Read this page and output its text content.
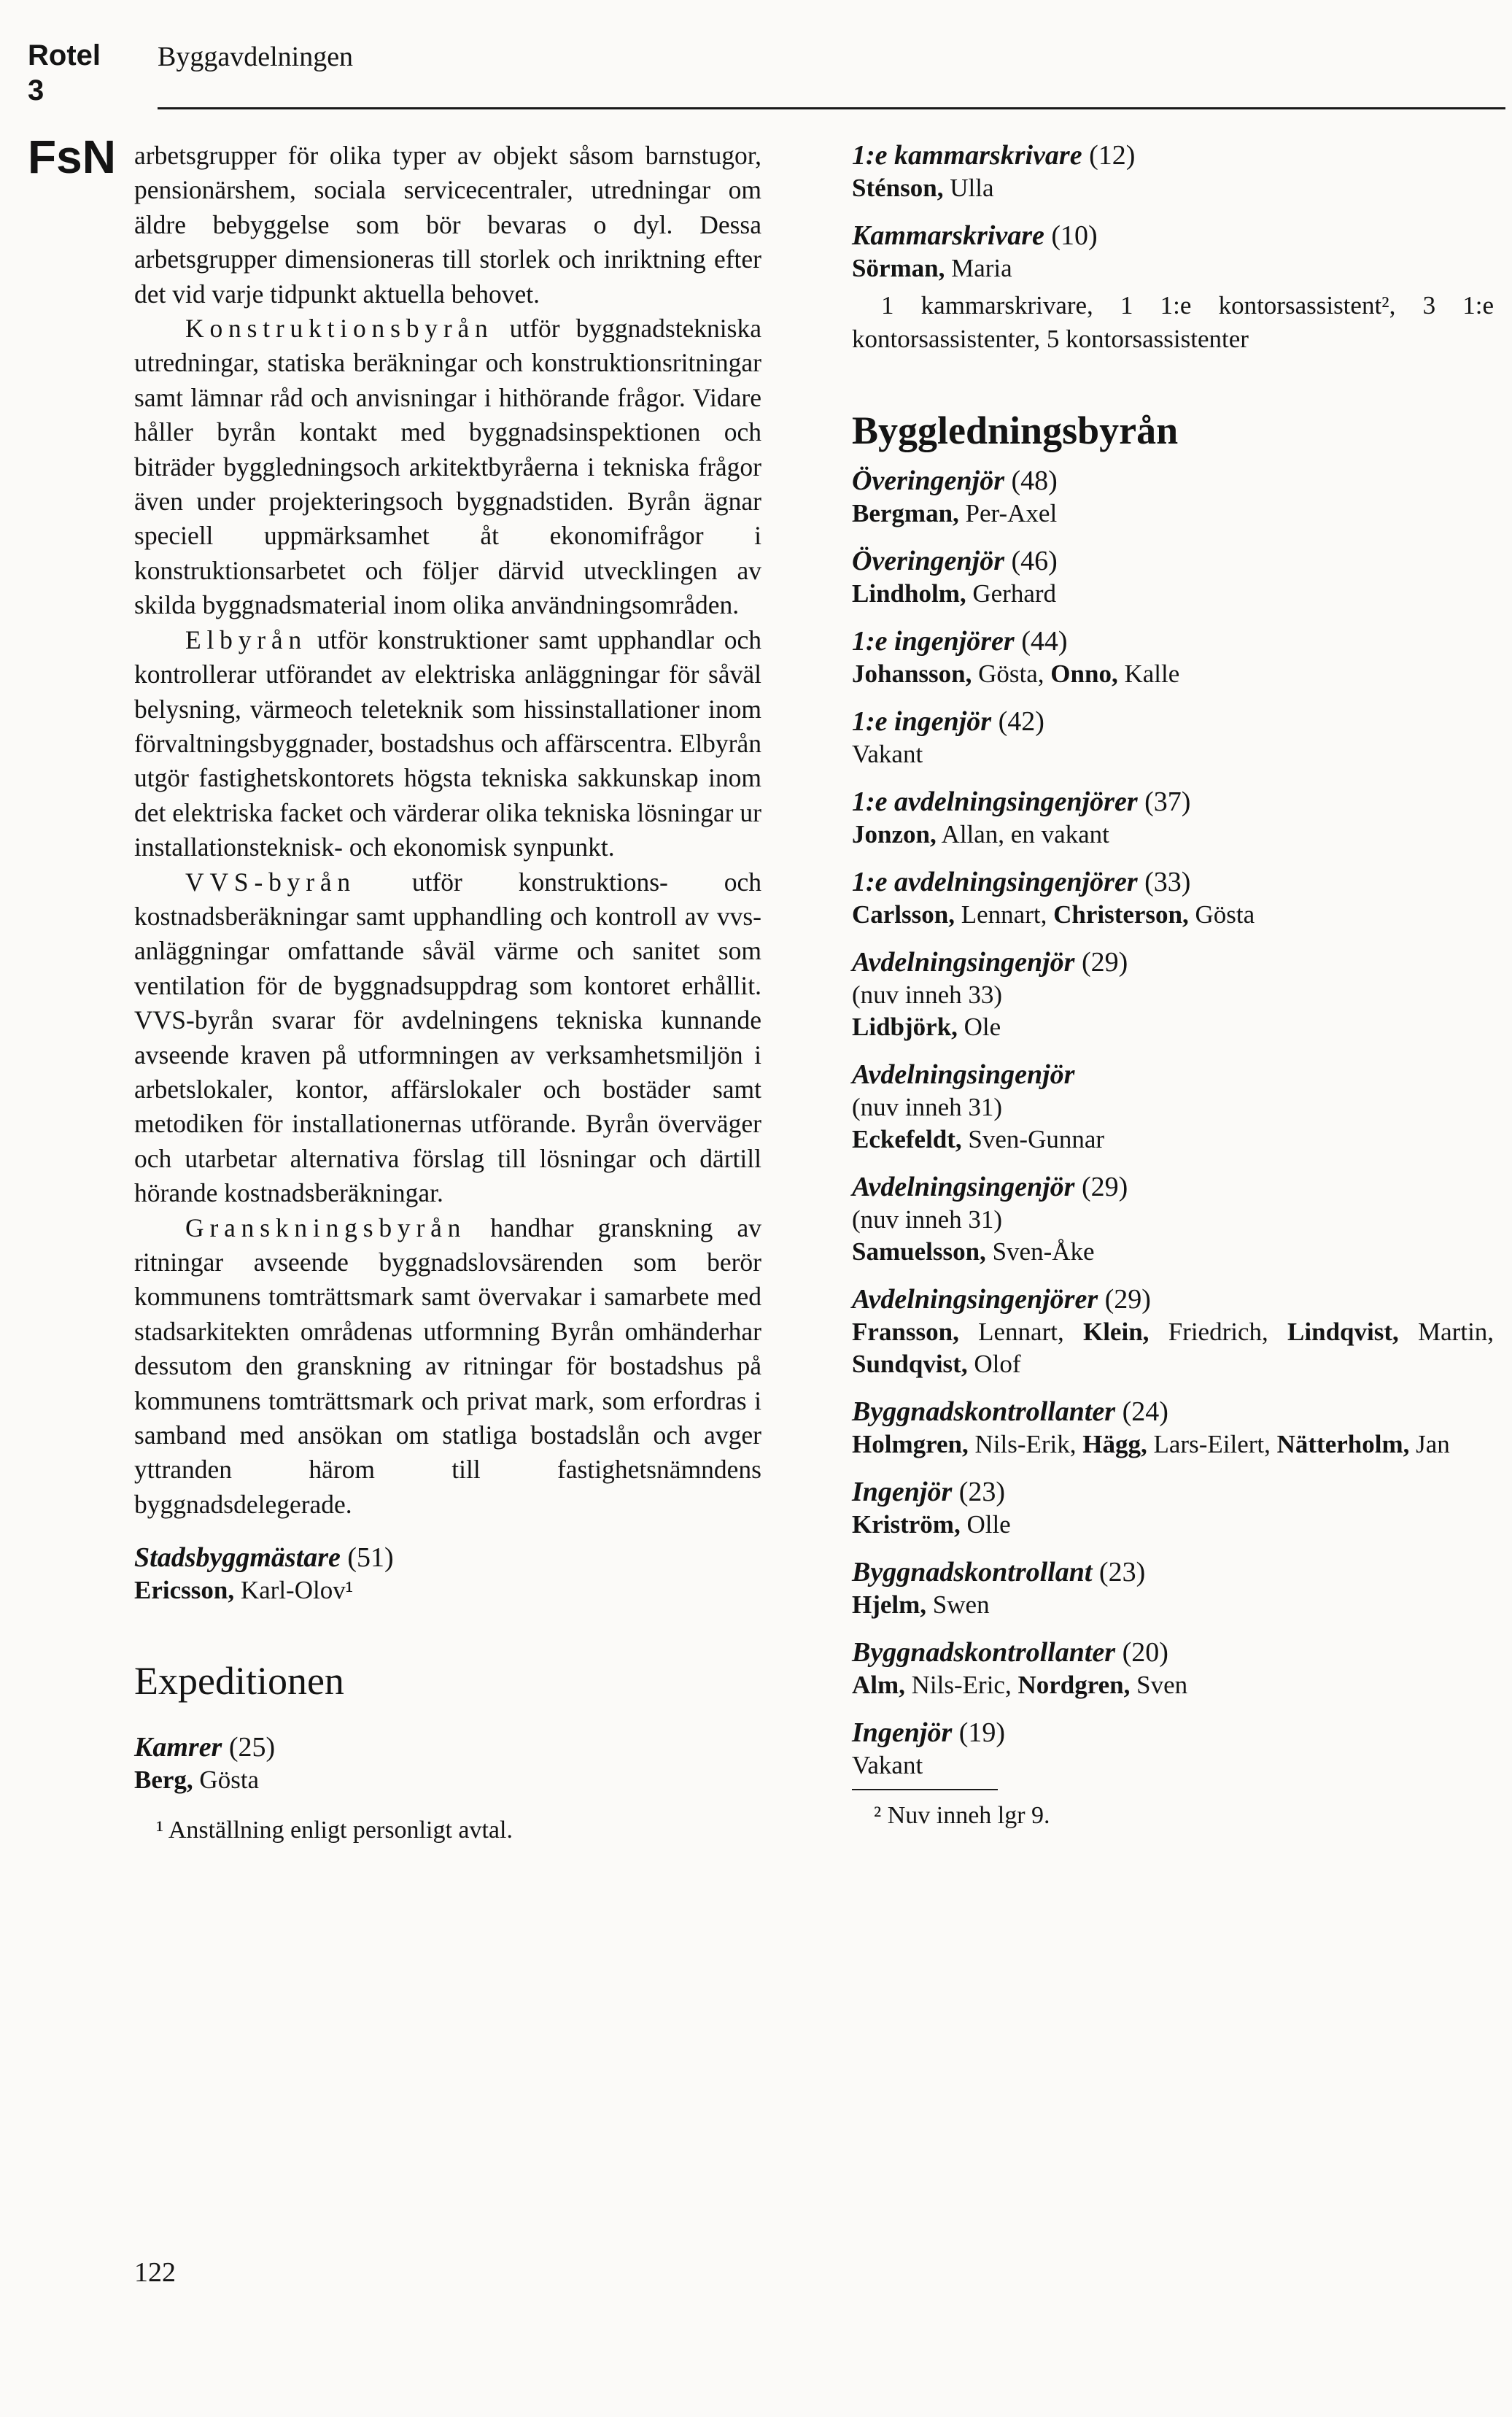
Rotel
3
FsN
Byggavdelningen

arbetsgrupper för olika typer av objekt såsom barnstugor, pensionärshem, sociala servicecentraler, utredningar om äldre bebyggelse som bör bevaras o dyl. Dessa arbetsgrupper dimensioneras till storlek och inriktning efter det vid varje tidpunkt aktuella behovet.

Konstruktionsbyrån utför byggnadstekniska utredningar, statiska beräkningar och konstruktionsritningar samt lämnar råd och anvisningar i hithörande frågor. Vidare håller byrån kontakt med byggnadsinspektionen och biträder byggledningsoch arkitektbyråerna i tekniska frågor även under projekteringsoch byggnadstiden. Byrån ägnar speciell uppmärksamhet åt ekonomifrågor i konstruktionsarbetet och följer därvid utvecklingen av skilda byggnadsmaterial inom olika användningsområden.

Elbyrån utför konstruktioner samt upphandlar och kontrollerar utförandet av elektriska anläggningar för såväl belysning, värmeoch teleteknik som hissinstallationer inom förvaltningsbyggnader, bostadshus och affärscentra. Elbyrån utgör fastighetskontorets högsta tekniska sakkunskap inom det elektriska facket och värderar olika tekniska lösningar ur installationsteknisk- och ekonomisk synpunkt.

VVS-byrån utför konstruktions- och kostnadsberäkningar samt upphandling och kontroll av vvs-anläggningar omfattande såväl värme och sanitet som ventilation för de byggnadsuppdrag som kontoret erhållit. VVS-byrån svarar för avdelningens tekniska kunnande avseende kraven på utformningen av verksamhetsmiljön i arbetslokaler, kontor, affärslokaler och bostäder samt metodiken för installationernas utförande. Byrån överväger och utarbetar alternativa förslag till lösningar och därtill hörande kostnadsberäkningar.

Granskningsbyrån handhar granskning av ritningar avseende byggnadslovsärenden som berör kommunens tomträttsmark samt övervakar i samarbete med stadsarkitekten områdenas utformning Byrån omhänderhar dessutom den granskning av ritningar för bostadshus på kommunens tomträttsmark och privat mark, som erfordras i samband med ansökan om statliga bostadslån och avger yttranden härom till fastighetsnämndens byggnadsdelegerade.

Stadsbyggmästare (51)

Ericsson, Karl-Olov¹

Expeditionen

Kamrer (25)

Berg, Gösta

¹ Anställning enligt personligt avtal.

122

1:e kammarskrivare (12)

Sténson, Ulla

Kammarskrivare (10)

Sörman, Maria

1 kammarskrivare, 1 1:e kontorsassistent², 3 1:e kontorsassistenter, 5 kontorsassistenter

Byggledningsbyrån

Överingenjör (48)

Bergman, Per-Axel

Överingenjör (46)

Lindholm, Gerhard

1:e ingenjörer (44)

Johansson, Gösta, Onno, Kalle

1:e ingenjör (42)

Vakant

1:e avdelningsingenjörer (37)

Jonzon, Allan, en vakant

1:e avdelningsingenjörer (33)

Carlsson, Lennart, Christerson, Gösta

Avdelningsingenjör (29)

(nuv inneh 33)
Lidbjörk, Ole

Avdelningsingenjör

(nuv inneh 31)
Eckefeldt, Sven-Gunnar

Avdelningsingenjör (29)

(nuv inneh 31)
Samuelsson, Sven-Åke

Avdelningsingenjörer (29)

Fransson, Lennart, Klein, Friedrich, Lindqvist, Martin, Sundqvist, Olof

Byggnadskontrollanter (24)

Holmgren, Nils-Erik, Hägg, Lars-Eilert, Nätterholm, Jan

Ingenjör (23)

Kriström, Olle

Byggnadskontrollant (23)

Hjelm, Swen

Byggnadskontrollanter (20)

Alm, Nils-Eric, Nordgren, Sven

Ingenjör (19)

Vakant

² Nuv inneh lgr 9.
